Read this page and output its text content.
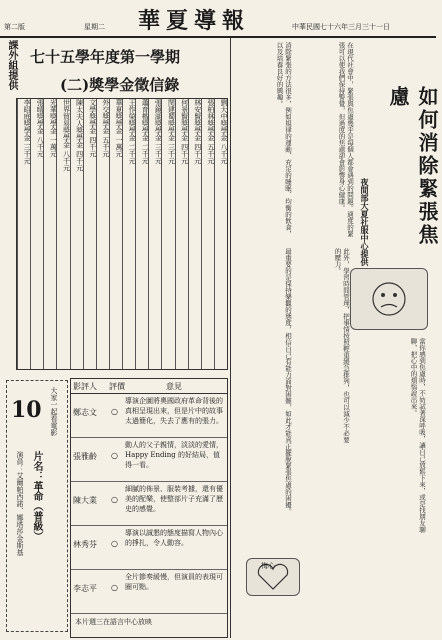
第二版	星期二 華夏導報	中華民國七十六年三月三十一日
課外組提供 七十五學年度第一學期
(二)獎學金徵信錄
劉大中獎學金 八千元
張柏林獎學金 五千元
林安賢獎學金 四千元
何景賢獎學金 四千元
閔建蜀獎學金 三千元
張鏡湖獎學金 三千元
蕭育楷獎學金 二千元
王作榮獎學金 二千元
華夏獎學金 一萬元
外交獎學金 五千元
文學獎學金 四千元
陳太夫人獎學金 四千元
世界貿易獎學金 八千元
光華獎學金 一萬元
張晴獎學金 八千元
李昭庭獎學金 三千元
大家一起看電影
10
片名：革命（普級）
演員：艾爾帕西諾、娜塔莎金斯基
影評人 評價	意見
鄭志文 ○
導演企圖將奧國政府革命背後的真相呈現出來，但是片中的故事太過簡化，失去了應有的張力。
張雅齡 ○
動人的父子親情，淡淡的愛情，Happy Ending 的好結局，值得一看。
陳大業 ○
細膩的佈景、服裝考據，還有優美的配樂，使整部片子充滿了歷史的感覺。
林秀芬 ○
導演以誠懇的態度描寫人物內心的掙扎，令人動容。
李志平 ○
全片節奏緩慢，但演員的表現可圈可點。
本片週三在語言中心放映
如何消除緊張焦慮
夜間部大夏社服中心提供
在現代社會中，緊張與焦慮幾乎是每個人都會遇到的問題。適度的緊張可以使我們保持警覺，但過度的焦慮卻會影響身心健康。
消除緊張的方法很多，例如規律的運動、充足的睡眠、均衡的飲食，以及培養良好的興趣。
當你感到焦慮時，不妨試著深呼吸，讓自己放鬆下來，或是找朋友聊聊，把心中的煩惱說出來。
此外，學習時間管理，把事情按照輕重緩急排列，也可以減少不必要的壓力。
最重要的是保持樂觀的態度，相信自己有能力面對困難，如此才能真正擺脫緊張焦慮的困擾。
梅心
